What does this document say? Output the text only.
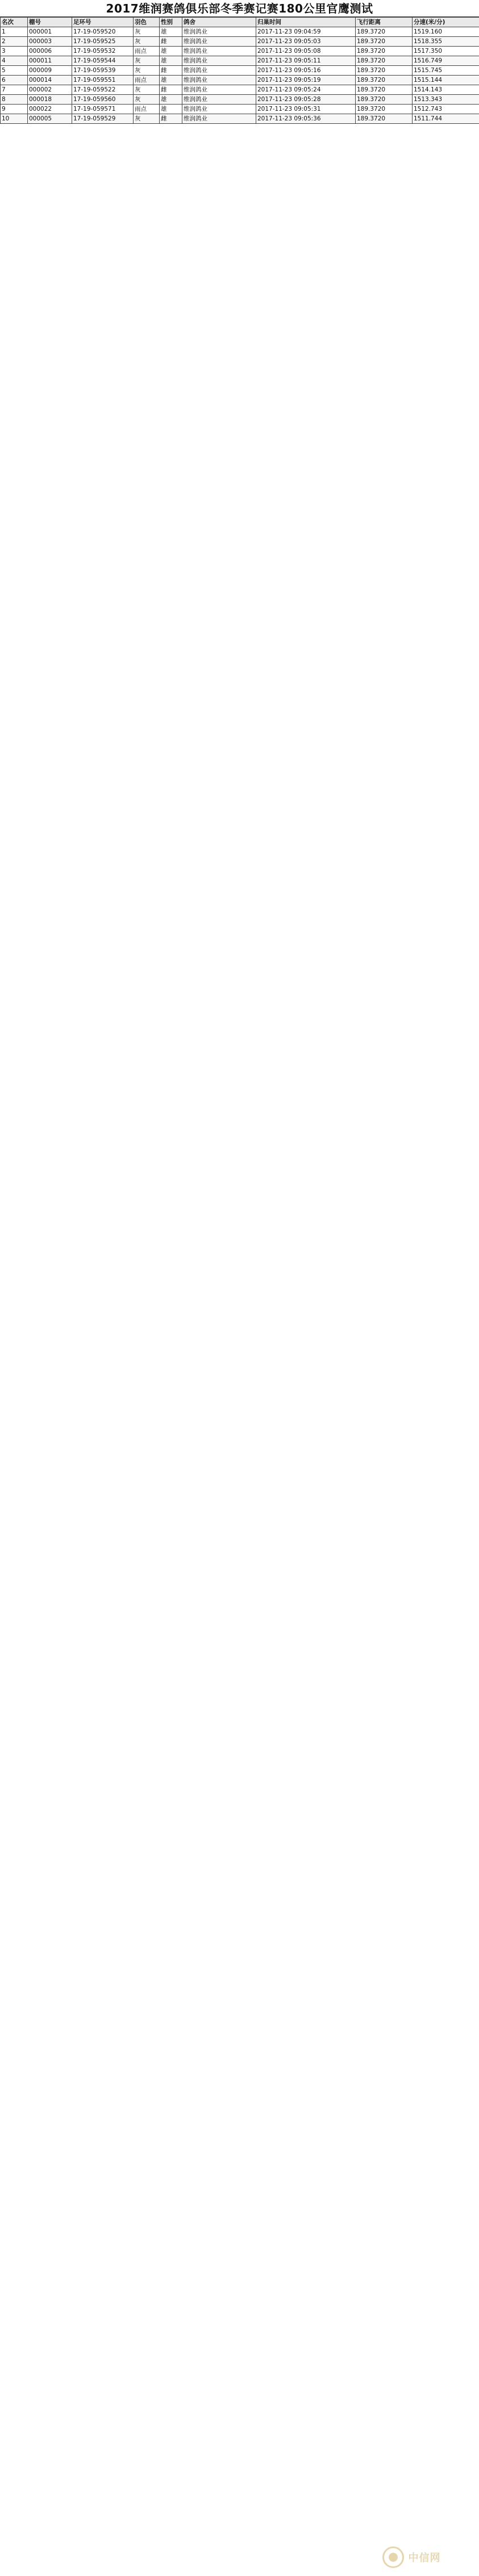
2017维润赛鸽俱乐部冬季赛记赛180公里官鹰测试
名次	棚号	足环号	羽色	性别	鸽舍	归巢时间	飞行距离	分速(米/分)
1	000001	17-19-059520	灰	雄	维润鸽业	2017-11-23 09:04:59	189.3720	1519.160
2	000003	17-19-059525	灰	雌	维润鸽业	2017-11-23 09:05:03	189.3720	1518.355
3	000006	17-19-059532	雨点	雄	维润鸽业	2017-11-23 09:05:08	189.3720	1517.350
4	000011	17-19-059544	灰	雄	维润鸽业	2017-11-23 09:05:11	189.3720	1516.749
5	000009	17-19-059539	灰	雌	维润鸽业	2017-11-23 09:05:16	189.3720	1515.745
6	000014	17-19-059551	雨点	雄	维润鸽业	2017-11-23 09:05:19	189.3720	1515.144
7	000002	17-19-059522	灰	雌	维润鸽业	2017-11-23 09:05:24	189.3720	1514.143
8	000018	17-19-059560	灰	雄	维润鸽业	2017-11-23 09:05:28	189.3720	1513.343
9	000022	17-19-059571	雨点	雄	维润鸽业	2017-11-23 09:05:31	189.3720	1512.743
10	000005	17-19-059529	灰	雌	维润鸽业	2017-11-23 09:05:36	189.3720	1511.744
中信网
